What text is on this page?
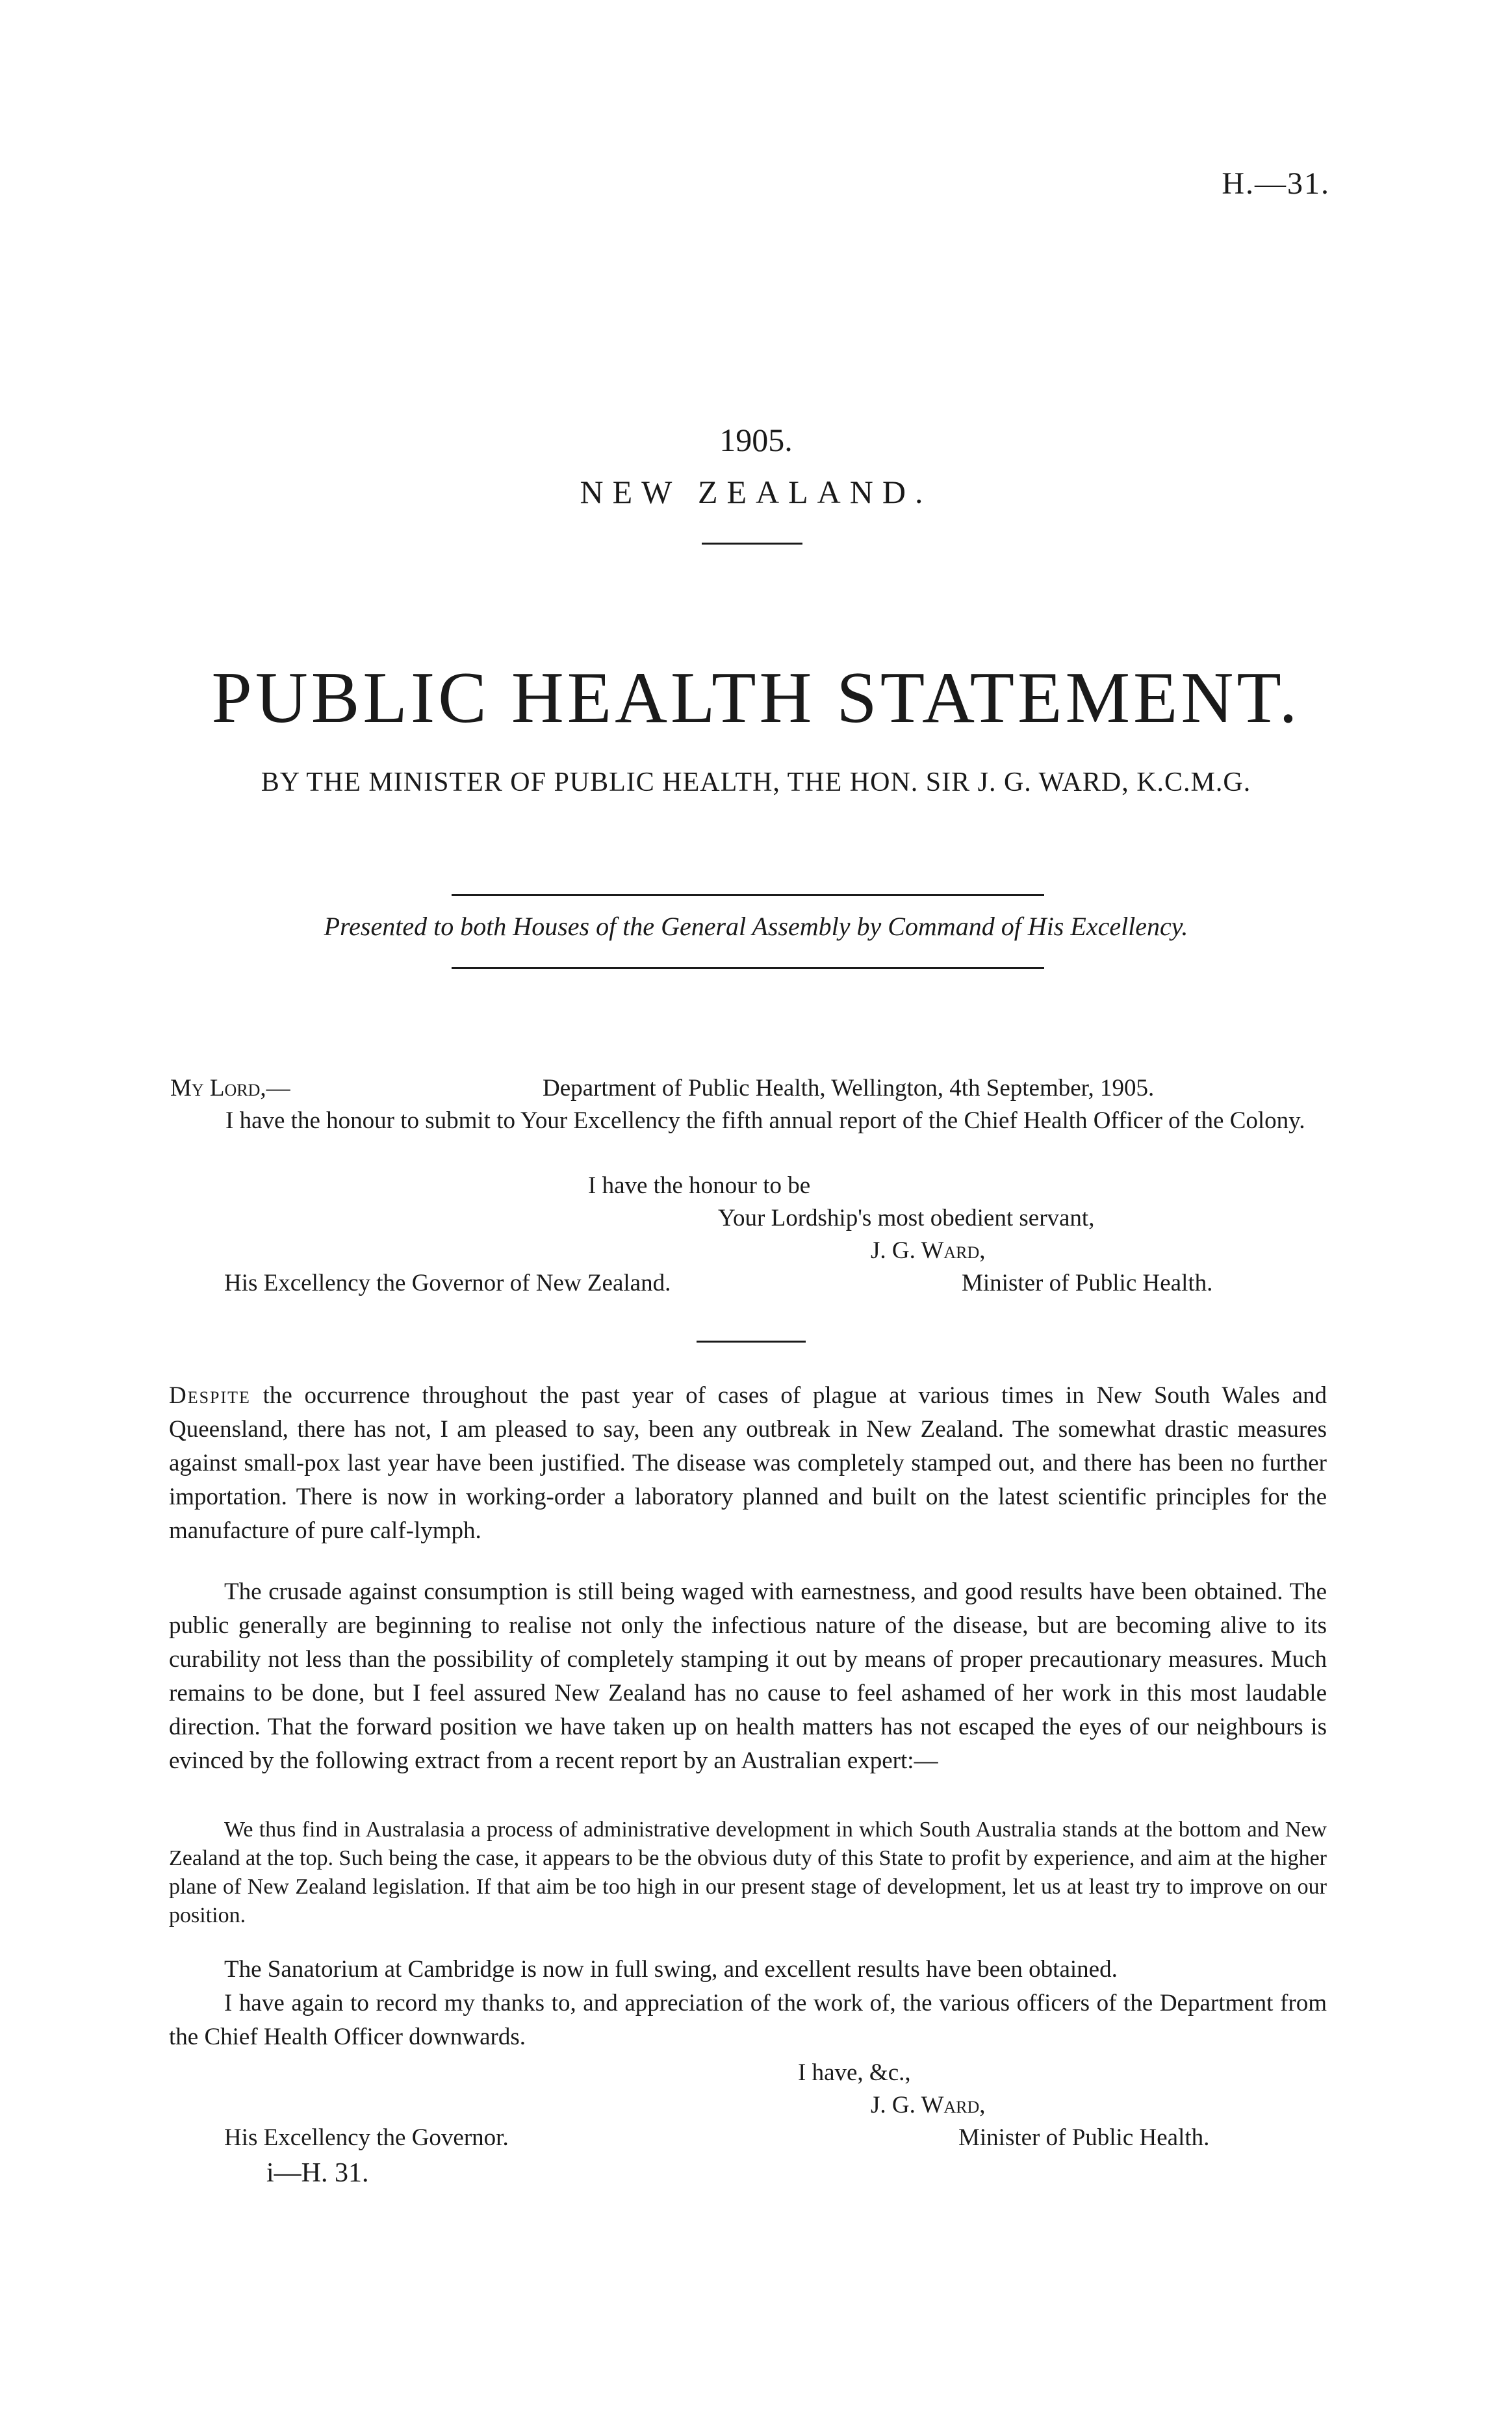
H.—31.
1905.
NEW ZEALAND.
PUBLIC HEALTH STATEMENT.
BY THE MINISTER OF PUBLIC HEALTH, THE HON. SIR J. G. WARD, K.C.M.G.
Presented to both Houses of the General Assembly by Command of His Excellency.
My Lord,—	Department of Public Health, Wellington, 4th September, 1905.
I have the honour to submit to Your Excellency the fifth annual report of the Chief Health Officer of the Colony.
I have the honour to be
Your Lordship's most obedient servant,
J. G. Ward,
His Excellency the Governor of New Zealand.	Minister of Public Health.
Despite the occurrence throughout the past year of cases of plague at various times in New South Wales and Queensland, there has not, I am pleased to say, been any outbreak in New Zealand. The somewhat drastic measures against small-pox last year have been justified. The disease was completely stamped out, and there has been no further importation. There is now in working-order a laboratory planned and built on the latest scientific principles for the manufacture of pure calf-lymph.
The crusade against consumption is still being waged with earnestness, and good results have been obtained. The public generally are beginning to realise not only the infectious nature of the disease, but are becoming alive to its curability not less than the possibility of completely stamping it out by means of proper precautionary measures. Much remains to be done, but I feel assured New Zealand has no cause to feel ashamed of her work in this most laudable direction. That the forward position we have taken up on health matters has not escaped the eyes of our neighbours is evinced by the following extract from a recent report by an Australian expert:—
We thus find in Australasia a process of administrative development in which South Australia stands at the bottom and New Zealand at the top. Such being the case, it appears to be the obvious duty of this State to profit by experience, and aim at the higher plane of New Zealand legislation. If that aim be too high in our present stage of development, let us at least try to improve on our position.
The Sanatorium at Cambridge is now in full swing, and excellent results have been obtained.
I have again to record my thanks to, and appreciation of the work of, the various officers of the Department from the Chief Health Officer downwards.
I have, &c.,
J. G. Ward,
His Excellency the Governor.	Minister of Public Health.
i—H. 31.
